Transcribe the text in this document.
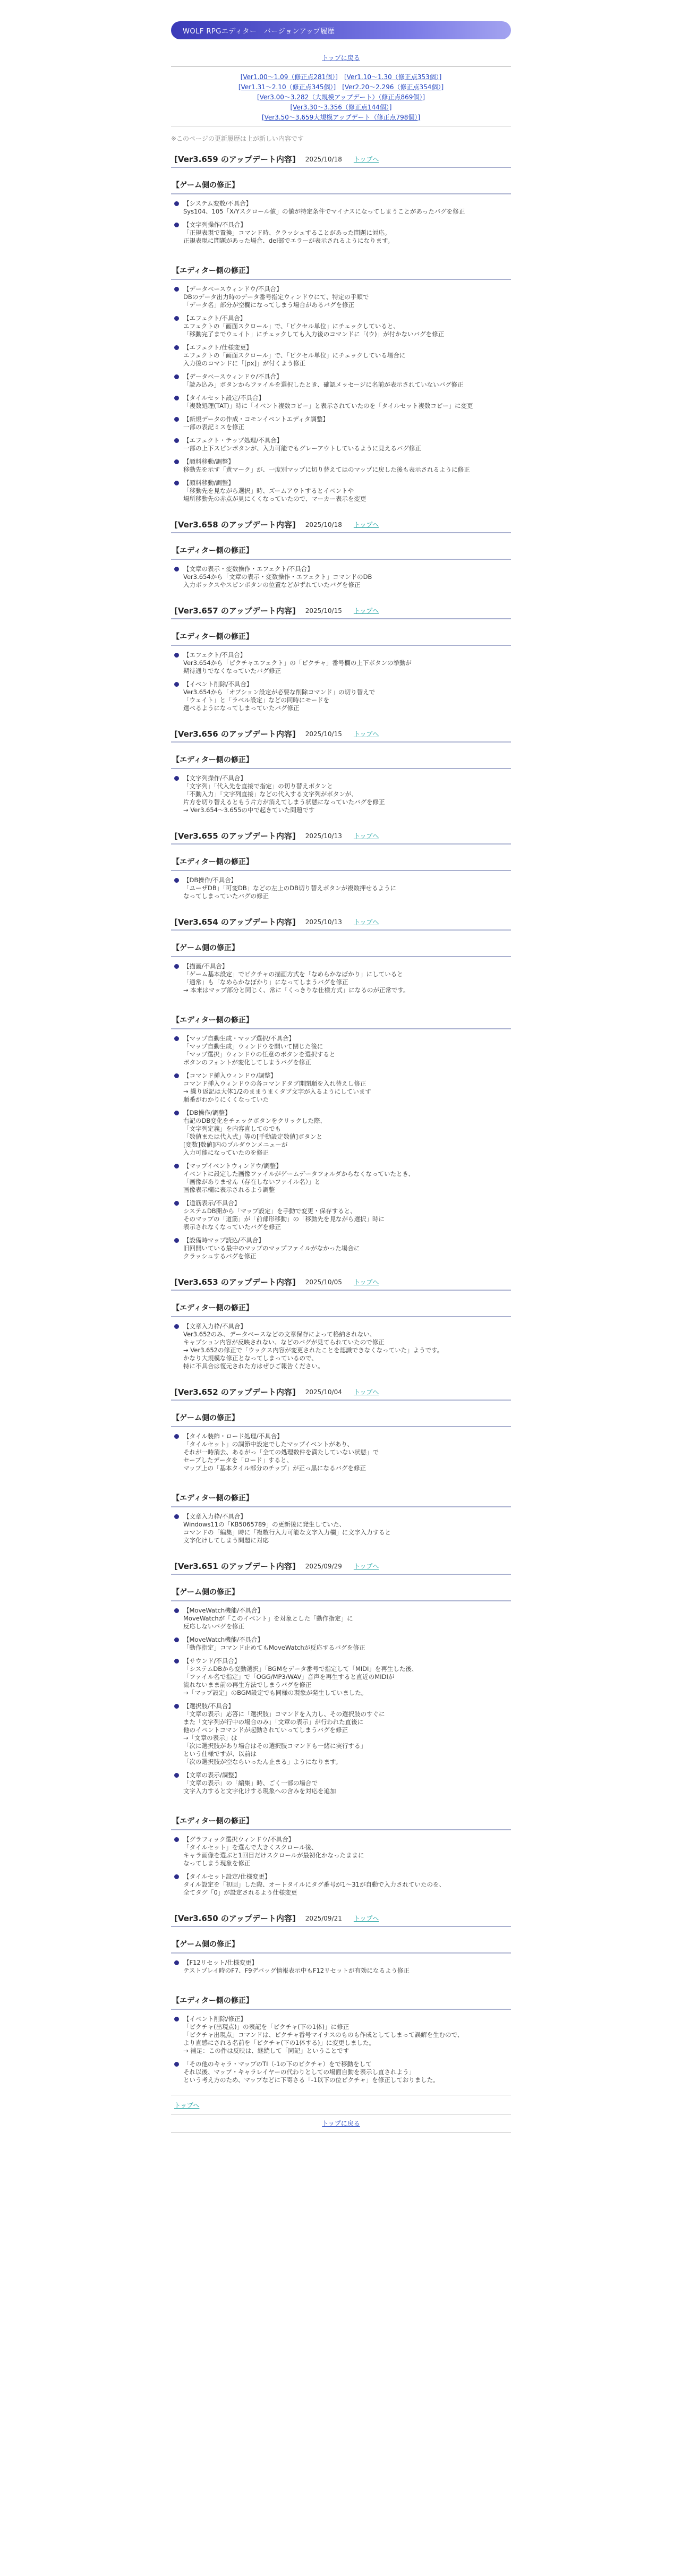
WOLF RPGエディター　バージョンアップ履歴
トップに戻る
[Ver1.00～1.09（修正点281個）] [Ver1.10～1.30（修正点353個）]
[Ver1.31～2.10（修正点345個）] [Ver2.20～2.296（修正点354個）]
[Ver3.00～3.282（大規模アップデート）（修正点869個）]
[Ver3.30～3.356（修正点144個）]
[Ver3.50～3.659大規模アップデート（修正点798個）]
※このページの更新履歴は上が新しい内容です
[Ver3.659 のアップデート内容] 2025/10/18 トップへ
【ゲーム側の修正】
【システム変数/不具合】
Sys104、105「X/Yスクロール値」の値が特定条件でマイナスになってしまうことがあったバグを修正
【文字列操作/不具合】
「正規表現で置換」コマンド時、クラッシュすることがあった問題に対応。
正規表現に問題があった場合、del部でエラーが表示されるようになります。
【エディター側の修正】
【データベースウィンドウ/不具合】
DBのデータ出力時のデータ番号指定ウィンドウにて、特定の手順で
「データ名」部分が空欄になってしまう場合があるバグを修正
【エフェクト/不具合】
エフェクトの「画面スクロール」で、「ピクセル単位」にチェックしていると、
「移動完了までウェイト」にチェックしても入力後のコマンドに「(ウ)」が付かないバグを修正
【エフェクト/仕様変更】
エフェクトの「画面スクロール」で、「ピクセル単位」にチェックしている場合に
入力後のコマンドに「[px]」が付くよう修正
【データベースウィンドウ/不具合】
「読み込み」ボタンからファイルを選択したとき、確認メッセージに名前が表示されていないバグ修正
【タイルセット設定/不具合】
「複数処理(TAT)」時に「イベント複数コピー」と表示されていたのを「タイルセット複数コピー」に変更
【新規データの作成・コモンイベントエディタ調整】
一部の表記ミスを修正
【エフェクト・テップ処理/不具合】
一部の上下スピンボタンが、入力可能でもグレーアウトしているように見えるバグ修正
【顔料移動/調整】
移動先を示す「黄マーク」が、一度別マップに切り替えてはのマップに戻した後も表示されるように修正
【顔料移動/調整】
「移動先を見ながら選択」時、ズームアウトするとイベントや
場所移動先の赤点が見にくくなっていたので、マーカー表示を変更
[Ver3.658 のアップデート内容] 2025/10/18 トップへ
【エディター側の修正】
【文章の表示・変数操作・エフェクト/不具合】
Ver3.654から「文章の表示・変数操作・エフェクト」コマンドのDB
入力ボックスやスピンボタンの位置などがずれていたバグを修正
[Ver3.657 のアップデート内容] 2025/10/15 トップへ
【エディター側の修正】
【エフェクト/不具合】
Ver3.654から「ピクチャエフェクト」の「ピクチャ」番号欄の上下ボタンの挙動が
期待通りでなくなっていたバグ修正
【イベント削除/不具合】
Ver3.654から「オプション設定が必要な削除コマンド」の切り替えで
「ウェイト」と「ラベル設定」などの同時にモードを
選べるようになってしまっていたバグ修正
[Ver3.656 のアップデート内容] 2025/10/15 トップへ
【エディター側の修正】
【文字列操作/不具合】
「文字列」「代入先を直接で指定」の切り替えボタンと
「不動入力」「文字列直接」などの代入する文字列がボタンが、
片方を切り替えるともう片方が消えてしまう状態になっていたバグを修正
→ Ver3.654～3.655の中で起きていた問題です
[Ver3.655 のアップデート内容] 2025/10/13 トップへ
【エディター側の修正】
【DB操作/不具合】
「ユーザDB」「可変DB」などの左上のDB切り替えボタンが複数押せるように
なってしまっていたバグの修正
[Ver3.654 のアップデート内容] 2025/10/13 トップへ
【ゲーム側の修正】
【描画/不具合】
「ゲーム基本設定」でピクチャの描画方式を「なめらかなぼかり」にしていると
「通常」も「なめらかなぼかり」になってしまうバグを修正
→ 本来はマップ部分と同じく、常に「くっきりな仕様方式」になるのが正常です。
【エディター側の修正】
【マップ自動生成・マップ選択/不具合】
「マップ自動生成」ウィンドウを開いて閉じた後に
「マップ選択」ウィンドウの任意のボタンを選択すると
ボタンのフォントが変化してしまうバグを修正
【コマンド挿入ウィンドウ/調整】
コマンド挿入ウィンドウの各コマンドタブ開閉順を入れ替えし修正
→ 繰り返記は大体1/2のままうまくタブ文字が入るようにしています
順番がわかりにくくなっていた
【DB操作/調整】
右記のDB変化をチェックボタンをクリックした際、
「文字列定義」を内容直してのでも
「数値または代入式」等の[手動設定数値]ボタンと
[変数]数値]内のプルダウンメニューが
入力可能になっていたのを修正
【マップイベントウィンドウ/調整】
イベントに設定した画像ファイルがゲームデータフォルダからなくなっていたとき、
「画像がありません（存在しないファイル名）」と
画像表示欄に表示されるよう調整
【道筋表示/不具合】
システムDB開から「マップ設定」を手動で変更・保存すると、
そのマップの「道筋」が「前部形移動」の「移動先を見ながら選択」時に
表示されなくなっていたバグを修正
【設備時マップ読込/不具合】
旧回開いている最中のマップのマップファイルがなかった場合に
クラッシュするバグを修正
[Ver3.653 のアップデート内容] 2025/10/05 トップへ
【エディター側の修正】
【文章入力枠/不具合】
Ver3.652のみ、データベースなどの文章保存によって格納されない、
キャプション内容が反映されない、などのバグが見てられていたので修正
→ Ver3.652の修正で「ウックス内容が変更されたことを認識できなくなっていた」ようです。
かなり大規模な修正となってしまっているので、
特に不具合は復元された方はぜひご報告ください。
[Ver3.652 のアップデート内容] 2025/10/04 トップへ
【ゲーム側の修正】
【タイル装飾・ロード処理/不具合】
「タイルセット」の調節中設定でしたマップイベントがあり、
それが一時消去、あるがっ「全ての処理数件を満たしていない状態」で
セーブしたデータを「ロード」すると、
マップ上の「基本タイル部分のチップ」が正っ黒になるバグを修正
【エディター側の修正】
【文章入力枠/不具合】
Windows11の「KB5065789」の更新後に発生していた、
コマンドの「編集」時に「複数行入力可能な文字入力欄」に文字入力すると
文字化けしてしまう問題に対応
[Ver3.651 のアップデート内容] 2025/09/29 トップへ
【ゲーム側の修正】
【MoveWatch機能/不具合】
MoveWatchが「このイベント」を対象とした「動作指定」に
反応しないバグを修正
【MoveWatch機能/不具合】
「動作指定」コマンド止めてもMoveWatchが反応するバグを修正
【サウンド/不具合】
「システムDBから変動選択」「BGMをデータ番号で指定して「MIDI」を再生した後、
「ファイル名で指定」で「OGG/MP3/WAV」音声を再生すると直近のMIDIが
流れないまま前の再生方法でしまうバグを修正
→「マップ設定」のBGM設定でも同様の現象が発生していました。
【選択肢/不具合】
「文章の表示」応答に「選択肢」コマンドを入力し、その選択肢のすぐに
また「文字列が行中の場合のみ」「文章の表示」が行われた直後に
他のイベントコマンドが起動されていってしまうバグを修正
→「文章の表示」は
「次に選択肢があり場合はその選択肢コマンドも一緒に実行する」
という仕様ですが、以前は
「次の選択肢が空ならいったん止まる」ようになります。
【文章の表示/調整】
「文章の表示」の「編集」時、ごく一部の場合で
文字入力すると文字化けする現象への含みを対応を追加
【エディター側の修正】
【グラフィック選択ウィンドウ/不具合】
「タイルセット」を選んで大きくスクロール後、
キャラ画像を選ぶと1回目だけスクロールが最初化かなったままに
なってしまう現象を修正
【タイルセット設定/仕様変更】
タイル設定を「初回」した際、オートタイルにタグ番号が1～31が自動で入力されていたのを、
全てタグ「0」が設定されるよう仕様変更
[Ver3.650 のアップデート内容] 2025/09/21 トップへ
【ゲーム側の修正】
【F12リセット/仕様変更】
テストプレイ時のF7、F9デバッグ情報表示中もF12リセットが有効になるよう修正
【エディター側の修正】
【イベント削除/修正】
「ピクチャ(出現点)」の表記を「ピクチャ(下の1体)」に修正
「ピクチャ出現点」コマンドは、ピクチャ番号マイナスのものも作成としてしまって誤解を生むので、
より直感にされる名前を「ピクチャ(下の1体する)」に変更しました。
→ 補足：この件は反映は、継続して「同記」ということです
「その他のキャラ・マップのTI（-1の下のピクチャ）をで移動をして
それ以後、マップ・キャラレイヤーの代わりとしての場面自動を表示し直されよう」
という考え方のため、マップなどに下寄さる「-1以下の位ピクチャ」を修正しておりました。
トップへ
トップに戻る
